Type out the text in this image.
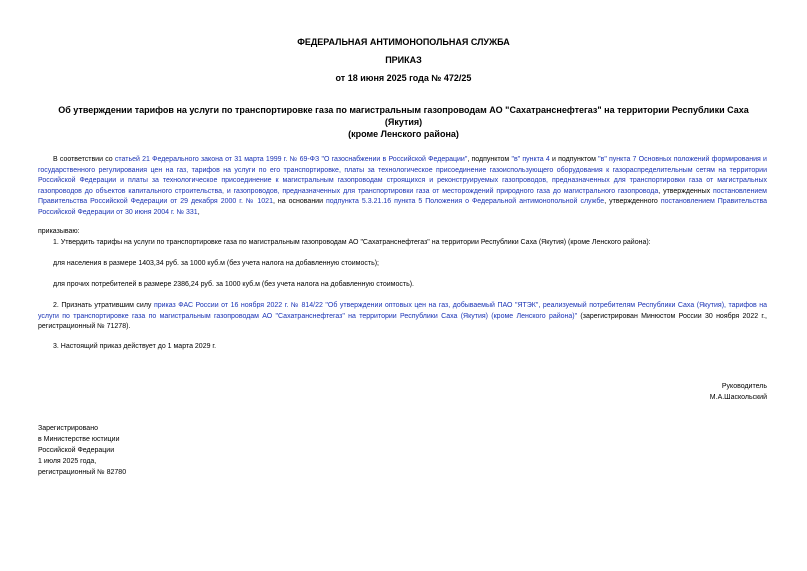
ФЕДЕРАЛЬНАЯ АНТИМОНОПОЛЬНАЯ СЛУЖБА
ПРИКАЗ
от 18 июня 2025 года № 472/25
Об утверждении тарифов на услуги по транспортировке газа по магистральным газопроводам АО "Сахатранснефтегаз" на территории Республики Саха (Якутия)
(кроме Ленского района)

В соответствии со статьей 21 Федерального закона от 31 марта 1999 г. № 69-ФЗ "О газоснабжении в Российской Федерации", подпунктом "в" пункта 4 и подпунктом "в" пункта 7 Основных положений формирования и государственного регулирования цен на газ, тарифов на услуги по его транспортировке, платы за технологическое присоединение газоиспользующего оборудования к газораспределительным сетям на территории Российской Федерации и платы за технологическое присоединение к магистральным газопроводам строящихся и реконструируемых газопроводов, предназначенных для транспортировки газа от магистральных газопроводов до объектов капитального строительства, и газопроводов, предназначенных для транспортировки газа от месторождений природного газа до магистрального газопровода, утвержденных постановлением Правительства Российской Федерации от 29 декабря 2000 г. № 1021, на основании подпункта 5.3.21.16 пункта 5 Положения о Федеральной антимонопольной службе, утвержденного постановлением Правительства Российской Федерации от 30 июня 2004 г. № 331,

приказываю:

1. Утвердить тарифы на услуги по транспортировке газа по магистральным газопроводам АО "Сахатранснефтегаз" на территории Республики Саха (Якутия) (кроме Ленского района):

для населения в размере 1403,34 руб. за 1000 куб.м (без учета налога на добавленную стоимость);

для прочих потребителей в размере 2386,24 руб. за 1000 куб.м (без учета налога на добавленную стоимость).

2. Признать утратившим силу приказ ФАС России от 16 ноября 2022 г. № 814/22 "Об утверждении оптовых цен на газ, добываемый ПАО "ЯТЭК", реализуемый потребителям Республики Саха (Якутия), тарифов на услуги по транспортировке газа по магистральным газопроводам АО "Сахатранснефтегаз" на территории Республики Саха (Якутия) (кроме Ленского района)" (зарегистрирован Минюстом России 30 ноября 2022 г., регистрационный № 71278).

3. Настоящий приказ действует до 1 марта 2029 г.

Руководитель
М.А.Шаскольский
Зарегистрировано
в Министерстве юстиции
Российской Федерации
1 июля 2025 года,
регистрационный № 82780
